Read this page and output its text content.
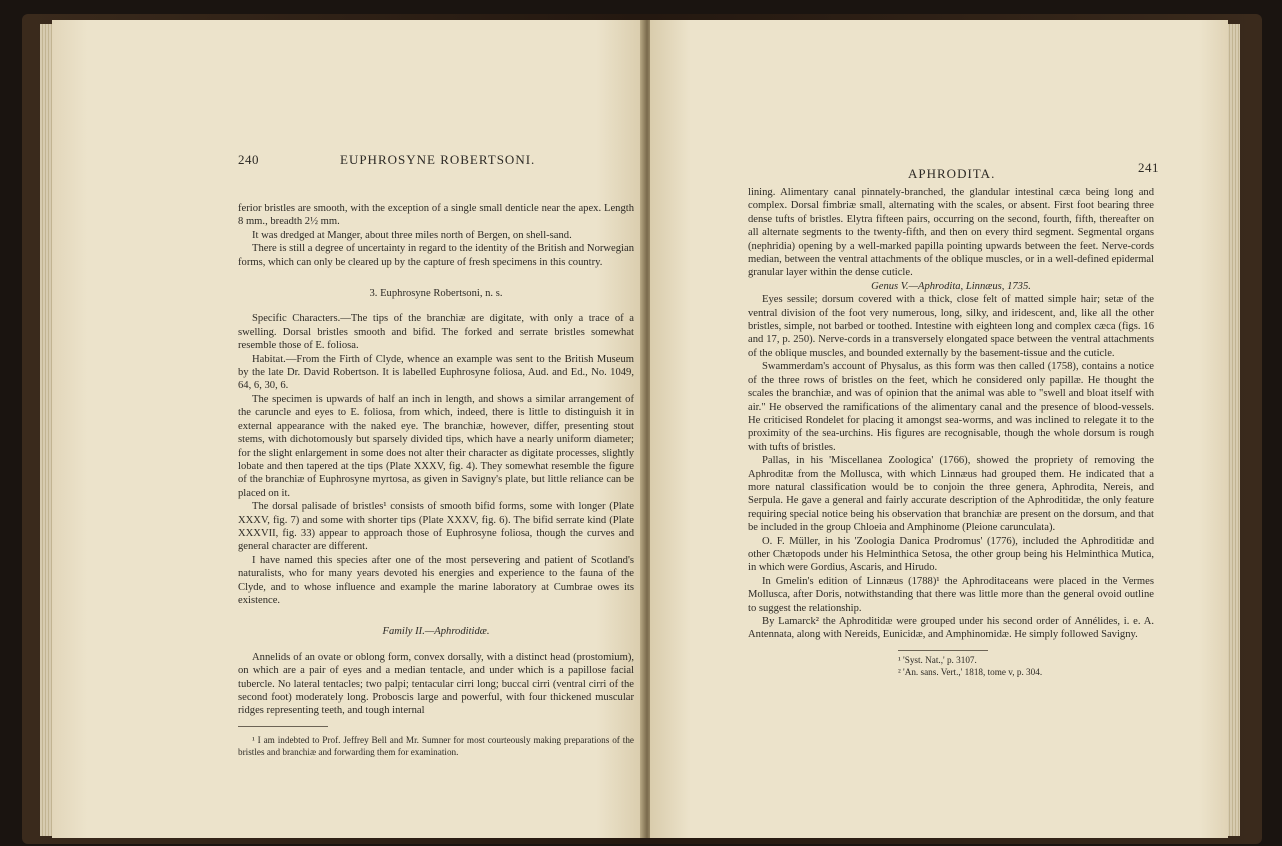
240	EUPHROSYNE ROBERTSONI.

ferior bristles are smooth, with the exception of a single small denticle near the apex. Length 8 mm., breadth 2½ mm.

It was dredged at Manger, about three miles north of Bergen, on shell-sand.

There is still a degree of uncertainty in regard to the identity of the British and Norwegian forms, which can only be cleared up by the capture of fresh specimens in this country.

3. Euphrosyne Robertsoni, n. s.

Specific Characters.—The tips of the branchiæ are digitate, with only a trace of a swelling. Dorsal bristles smooth and bifid. The forked and serrate bristles somewhat resemble those of E. foliosa.

Habitat.—From the Firth of Clyde, whence an example was sent to the British Museum by the late Dr. David Robertson. It is labelled Euphrosyne foliosa, Aud. and Ed., No. 1049, 64, 6, 30, 6.

The specimen is upwards of half an inch in length, and shows a similar arrangement of the caruncle and eyes to E. foliosa, from which, indeed, there is little to distinguish it in external appearance with the naked eye. The branchiæ, however, differ, presenting stout stems, with dichotomously but sparsely divided tips, which have a nearly uniform diameter; for the slight enlargement in some does not alter their character as digitate processes, slightly lobate and then tapered at the tips (Plate XXXV, fig. 4). They somewhat resemble the figure of the branchiæ of Euphrosyne myrtosa, as given in Savigny's plate, but little reliance can be placed on it.

The dorsal palisade of bristles¹ consists of smooth bifid forms, some with longer (Plate XXXV, fig. 7) and some with shorter tips (Plate XXXV, fig. 6). The bifid serrate kind (Plate XXXVII, fig. 33) appear to approach those of Euphrosyne foliosa, though the curves and general character are different.

I have named this species after one of the most persevering and patient of Scotland's naturalists, who for many years devoted his energies and experience to the fauna of the Clyde, and to whose influence and example the marine laboratory at Cumbrae owes its existence.

Family II.—Aphroditidæ.

Annelids of an ovate or oblong form, convex dorsally, with a distinct head (prostomium), on which are a pair of eyes and a median tentacle, and under which is a papillose facial tubercle. No lateral tentacles; two palpi; tentacular cirri long; buccal cirri (ventral cirri of the second foot) moderately long. Proboscis large and powerful, with four thickened muscular ridges representing teeth, and tough internal

¹ I am indebted to Prof. Jeffrey Bell and Mr. Sumner for most courteously making preparations of the bristles and branchiæ and forwarding them for examination.

APHRODITA.	241

lining. Alimentary canal pinnately-branched, the glandular intestinal cæca being long and complex. Dorsal fimbriæ small, alternating with the scales, or absent. First foot bearing three dense tufts of bristles. Elytra fifteen pairs, occurring on the second, fourth, fifth, thereafter on all alternate segments to the twenty-fifth, and then on every third segment. Segmental organs (nephridia) opening by a well-marked papilla pointing upwards between the feet. Nerve-cords median, between the ventral attachments of the oblique muscles, or in a well-defined epidermal granular layer within the dense cuticle.

Genus V.—Aphrodita, Linnæus, 1735.

Eyes sessile; dorsum covered with a thick, close felt of matted simple hair; setæ of the ventral division of the foot very numerous, long, silky, and iridescent, and, like all the other bristles, simple, not barbed or toothed. Intestine with eighteen long and complex cæca (figs. 16 and 17, p. 250). Nerve-cords in a transversely elongated space between the ventral attachments of the oblique muscles, and bounded externally by the basement-tissue and the cuticle.

Swammerdam's account of Physalus, as this form was then called (1758), contains a notice of the three rows of bristles on the feet, which he considered only papillæ. He thought the scales the branchiæ, and was of opinion that the animal was able to "swell and bloat itself with air." He observed the ramifications of the alimentary canal and the presence of blood-vessels. He criticised Rondelet for placing it amongst sea-worms, and was inclined to relegate it to the proximity of the sea-urchins. His figures are recognisable, though the whole dorsum is rough with tufts of bristles.

Pallas, in his 'Miscellanea Zoologica' (1766), showed the propriety of removing the Aphroditæ from the Mollusca, with which Linnæus had grouped them. He indicated that a more natural classification would be to conjoin the three genera, Aphrodita, Nereis, and Serpula. He gave a general and fairly accurate description of the Aphroditidæ, the only feature requiring special notice being his observation that branchiæ are present on the dorsum, and that be included in the group Chloeia and Amphinome (Pleione carunculata).

O. F. Müller, in his 'Zoologia Danica Prodromus' (1776), included the Aphroditidæ and other Chætopods under his Helminthica Setosa, the other group being his Helminthica Mutica, in which were Gordius, Ascaris, and Hirudo.

In Gmelin's edition of Linnæus (1788)¹ the Aphroditaceans were placed in the Vermes Mollusca, after Doris, notwithstanding that there was little more than the general ovoid outline to suggest the relationship.

By Lamarck² the Aphroditidæ were grouped under his second order of Annélides, i. e. A. Antennata, along with Nereids, Eunicidæ, and Amphinomidæ. He simply followed Savigny.

¹ 'Syst. Nat.,' p. 3107.

² 'An. sans. Vert.,' 1818, tome v, p. 304.
